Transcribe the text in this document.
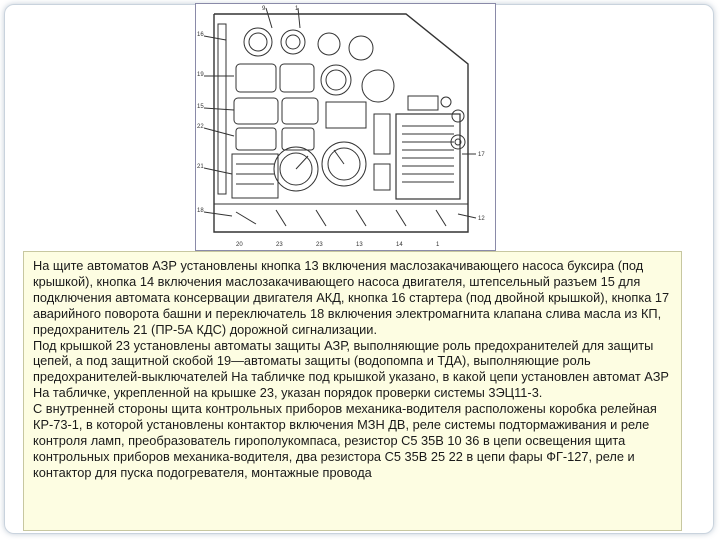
16
19
15
22
21
18
9	1
17
12
20	23	23	13	14	1

На щите автоматов АЗР установлены кнопка 13 включения маслозакачивающего насоса буксира (под крышкой), кнопка 14 включения маслозакачивающего насоса двигателя, штепсельный разъем 15 для подключения автомата консервации двигателя АКД, кнопка 16 стартера (под двойной крышкой), кнопка 17 аварийного поворота башни и переключатель 18 включения электромагнита клапана слива масла из КП, предохранитель 21 (ПР-5А КДС) дорожной сигнализации.

Под крышкой 23 установлены автоматы защиты АЗР, выполняющие роль предохранителей для защиты цепей, а под защитной скобой 19—автоматы защиты (водопомпа и ТДА), выполняющие роль предохранителей-выключателей На табличке под крышкой указано, в какой цепи установлен автомат АЗР На табличке, укрепленной на крышке 23, указан порядок проверки системы 3ЭЦ11-3.

С внутренней стороны щита контрольных приборов механика-водителя расположены коробка релейная КР-73-1, в которой установлены контактор включения МЗН ДВ, реле системы подтормаживания и реле контроля ламп, преобразователь гирополукомпаса, резистор С5 35В 10 36 в цепи освещения щита контрольных приборов механика-водителя, два резистора С5 35В 25 22 в цепи фары ФГ-127, реле и контактор для пуска подогревателя, монтажные провода
